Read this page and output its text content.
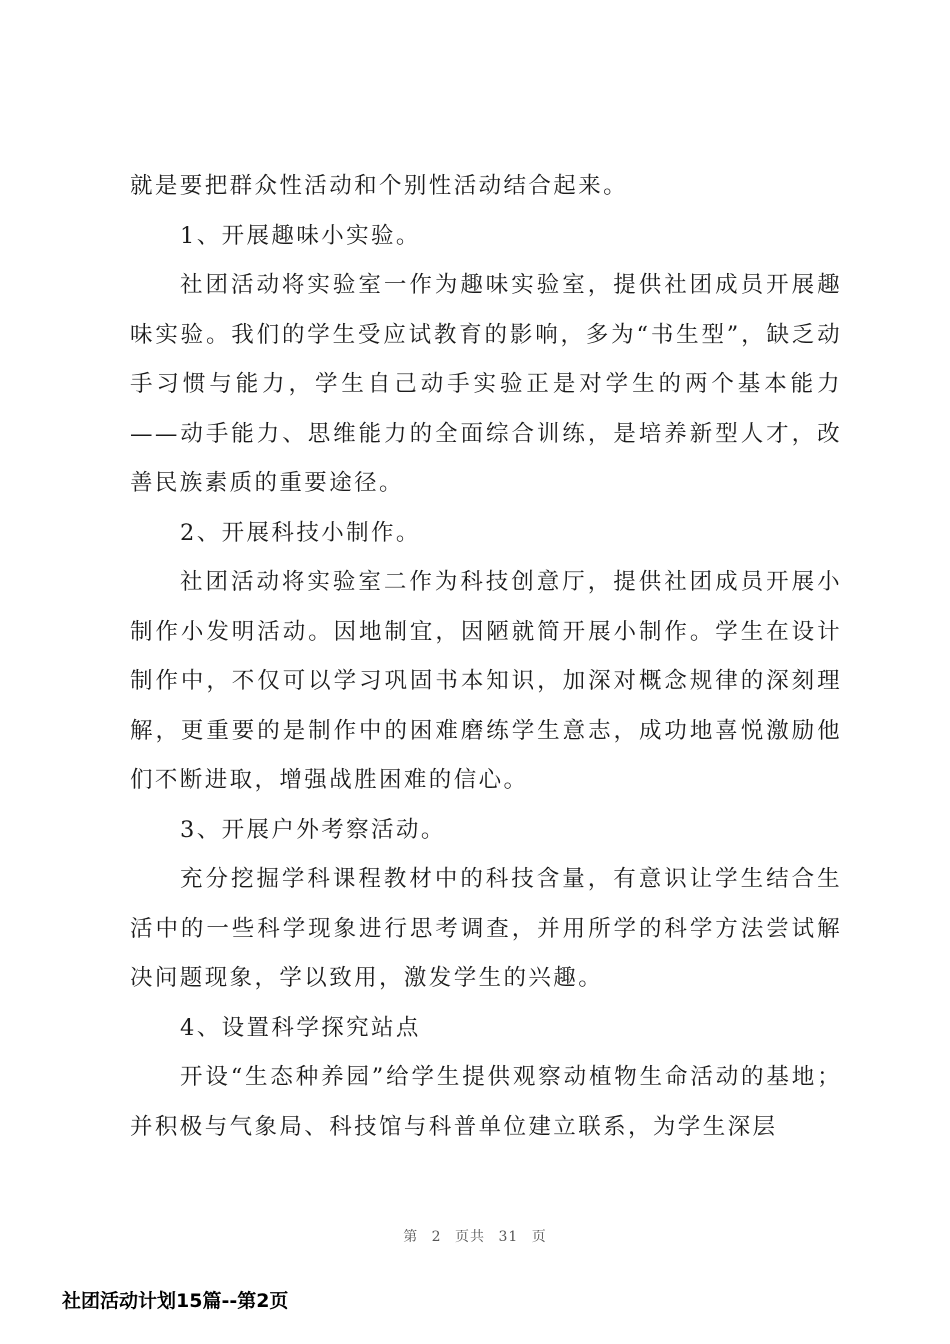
就是要把群众性活动和个别性活动结合起来。

1、开展趣味小实验。

社团活动将实验室一作为趣味实验室，提供社团成员开展趣味实验。我们的学生受应试教育的影响，多为“书生型”，缺乏动手习惯与能力，学生自己动手实验正是对学生的两个基本能力——动手能力、思维能力的全面综合训练，是培养新型人才，改善民族素质的重要途径。

2、开展科技小制作。

社团活动将实验室二作为科技创意厅，提供社团成员开展小制作小发明活动。因地制宜，因陋就简开展小制作。学生在设计制作中，不仅可以学习巩固书本知识，加深对概念规律的深刻理解，更重要的是制作中的困难磨练学生意志，成功地喜悦激励他们不断进取，增强战胜困难的信心。

3、开展户外考察活动。

充分挖掘学科课程教材中的科技含量，有意识让学生结合生活中的一些科学现象进行思考调查，并用所学的科学方法尝试解决问题现象，学以致用，激发学生的兴趣。

4、设置科学探究站点

开设“生态种养园”给学生提供观察动植物生命活动的基地；并积极与气象局、科技馆与科普单位建立联系，为学生深层

第 2 页共 31 页
社团活动计划15篇--第2页
